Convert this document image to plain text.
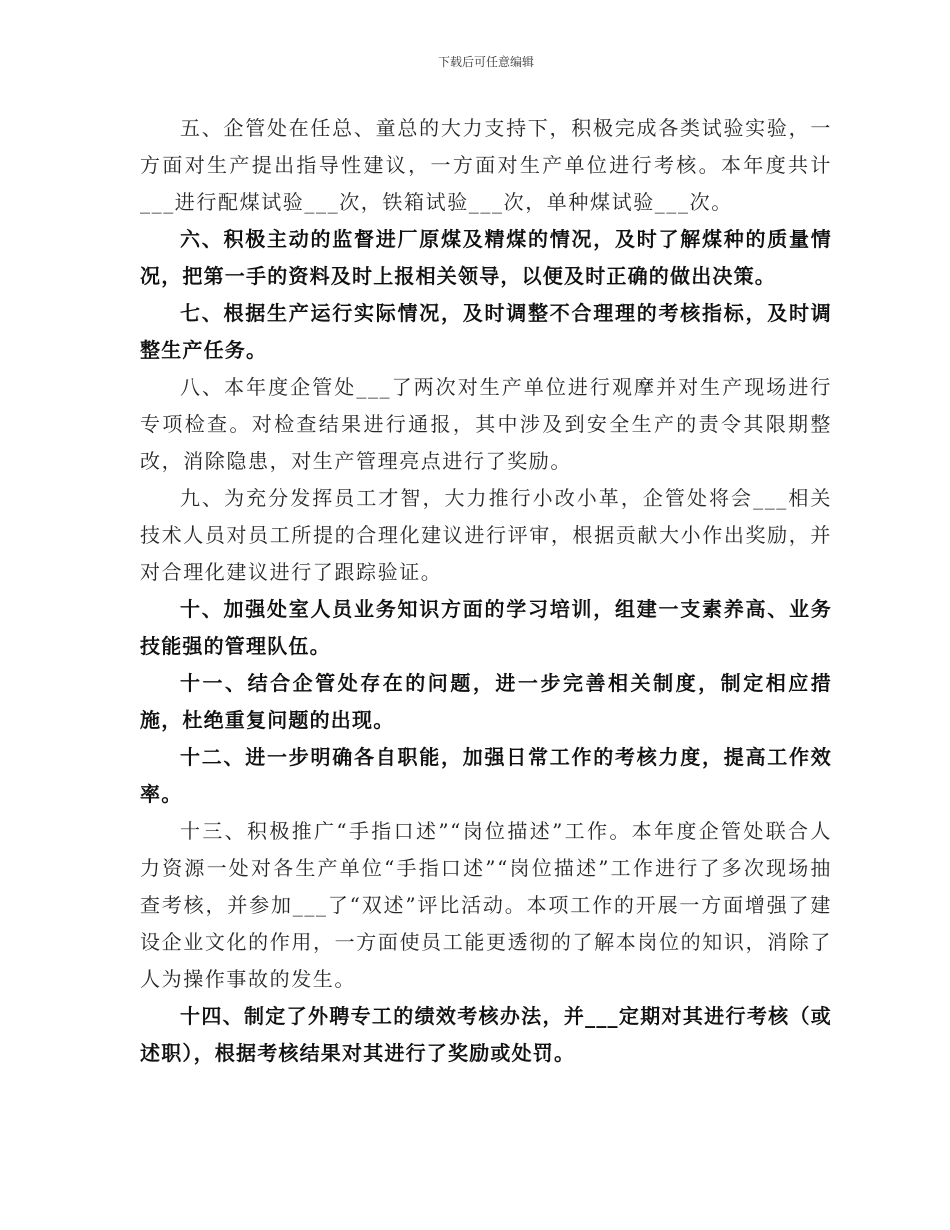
下载后可任意编辑

五、企管处在任总、童总的大力支持下，积极完成各类试验实验，一方面对生产提出指导性建议，一方面对生产单位进行考核。本年度共计___进行配煤试验___次，铁箱试验___次，单种煤试验___次。

六、积极主动的监督进厂原煤及精煤的情况，及时了解煤种的质量情况，把第一手的资料及时上报相关领导，以便及时正确的做出决策。

七、根据生产运行实际情况，及时调整不合理理的考核指标，及时调整生产任务。

八、本年度企管处___了两次对生产单位进行观摩并对生产现场进行专项检查。对检查结果进行通报，其中涉及到安全生产的责令其限期整改，消除隐患，对生产管理亮点进行了奖励。

九、为充分发挥员工才智，大力推行小改小革，企管处将会___相关技术人员对员工所提的合理化建议进行评审，根据贡献大小作出奖励，并对合理化建议进行了跟踪验证。

十、加强处室人员业务知识方面的学习培训，组建一支素养高、业务技能强的管理队伍。

十一、结合企管处存在的问题，进一步完善相关制度，制定相应措施，杜绝重复问题的出现。

十二、进一步明确各自职能，加强日常工作的考核力度，提高工作效率。

十三、积极推广“手指口述”“岗位描述”工作。本年度企管处联合人力资源一处对各生产单位“手指口述”“岗位描述”工作进行了多次现场抽查考核，并参加___了“双述”评比活动。本项工作的开展一方面增强了建设企业文化的作用，一方面使员工能更透彻的了解本岗位的知识，消除了人为操作事故的发生。

十四、制定了外聘专工的绩效考核办法，并___定期对其进行考核（或述职），根据考核结果对其进行了奖励或处罚。
